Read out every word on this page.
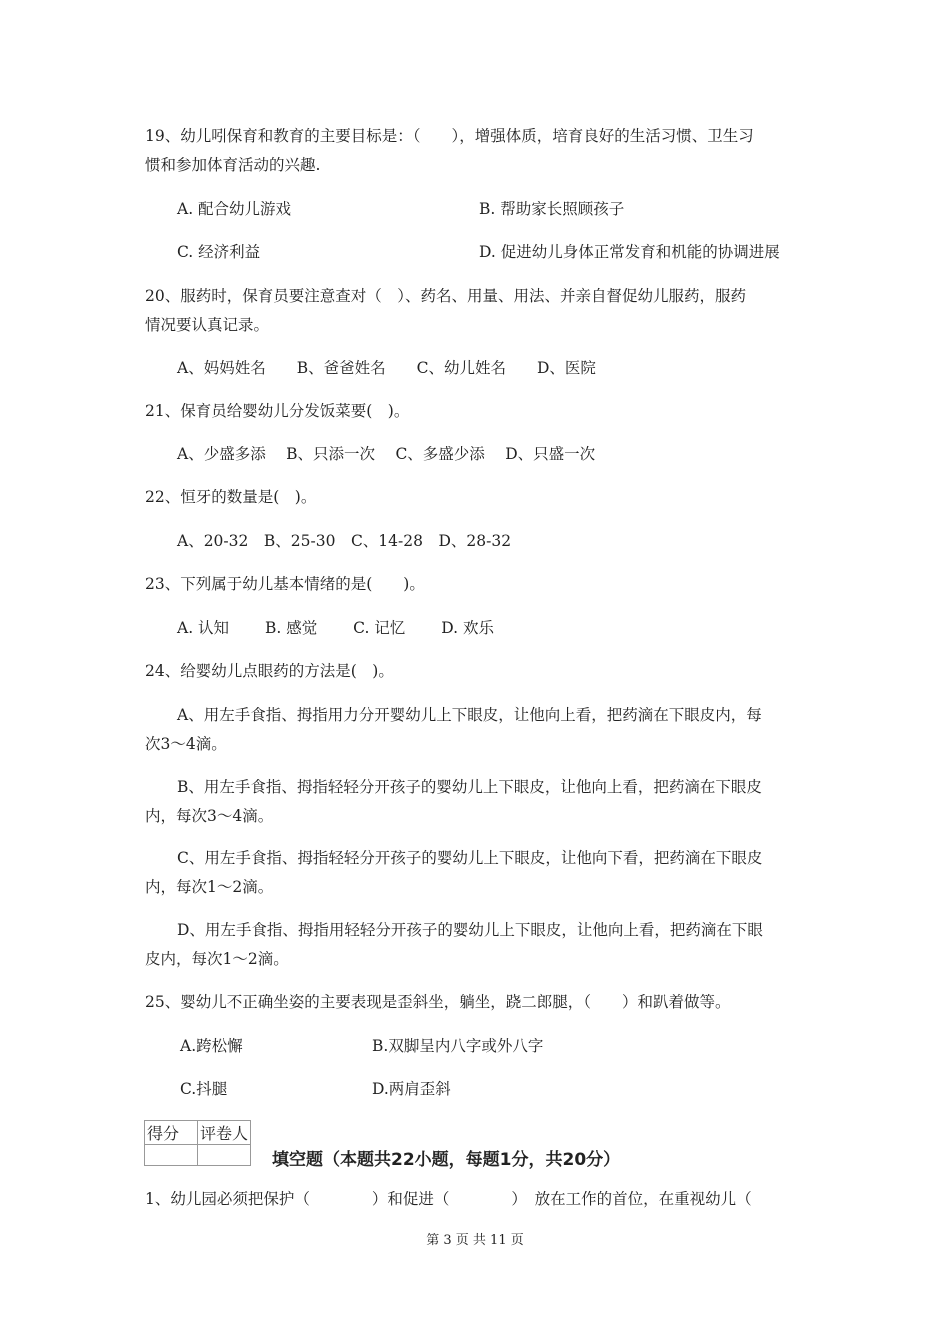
19、幼儿吲保育和教育的主要目标是：（　　），增强体质，培育良好的生活习惯、卫生习
惯和参加体育活动的兴趣.
A. 配合幼儿游戏	B. 帮助家长照顾孩子
C. 经济利益	D. 促进幼儿身体正常发育和机能的协调进展
20、服药时，保育员要注意查对（　）、药名、用量、用法、并亲自督促幼儿服药，服药
情况要认真记录。
A、妈妈姓名　　B、爸爸姓名　　C、幼儿姓名　　D、医院
21、保育员给婴幼儿分发饭菜要(　)。
A、少盛多添　 B、只添一次　 C、多盛少添　 D、只盛一次
22、恒牙的数量是(　)。
A、20-32　B、25-30　C、14-28　D、28-32
23、下列属于幼儿基本情绪的是(　　)。
A. 认知　　 B. 感觉　　 C. 记忆　　 D. 欢乐
24、给婴幼儿点眼药的方法是(　)。
A、用左手食指、拇指用力分开婴幼儿上下眼皮，让他向上看，把药滴在下眼皮内，每
次3～4滴。
B、用左手食指、拇指轻轻分开孩子的婴幼儿上下眼皮，让他向上看，把药滴在下眼皮
内，每次3～4滴。
C、用左手食指、拇指轻轻分开孩子的婴幼儿上下眼皮，让他向下看，把药滴在下眼皮
内，每次1～2滴。
D、用左手食指、拇指用轻轻分开孩子的婴幼儿上下眼皮，让他向上看，把药滴在下眼
皮内，每次1～2滴。
25、婴幼儿不正确坐姿的主要表现是歪斜坐，躺坐，跷二郎腿，（　　）和趴着做等。
A.跨松懈	B.双脚呈内八字或外八字
C.抖腿	D.两肩歪斜
得分	评卷人

填空题（本题共22小题，每题1分，共20分）
1、幼儿园必须把保护（　　　　）和促进（　　　　）　放在工作的首位，在重视幼儿（
第 3 页 共 11 页
